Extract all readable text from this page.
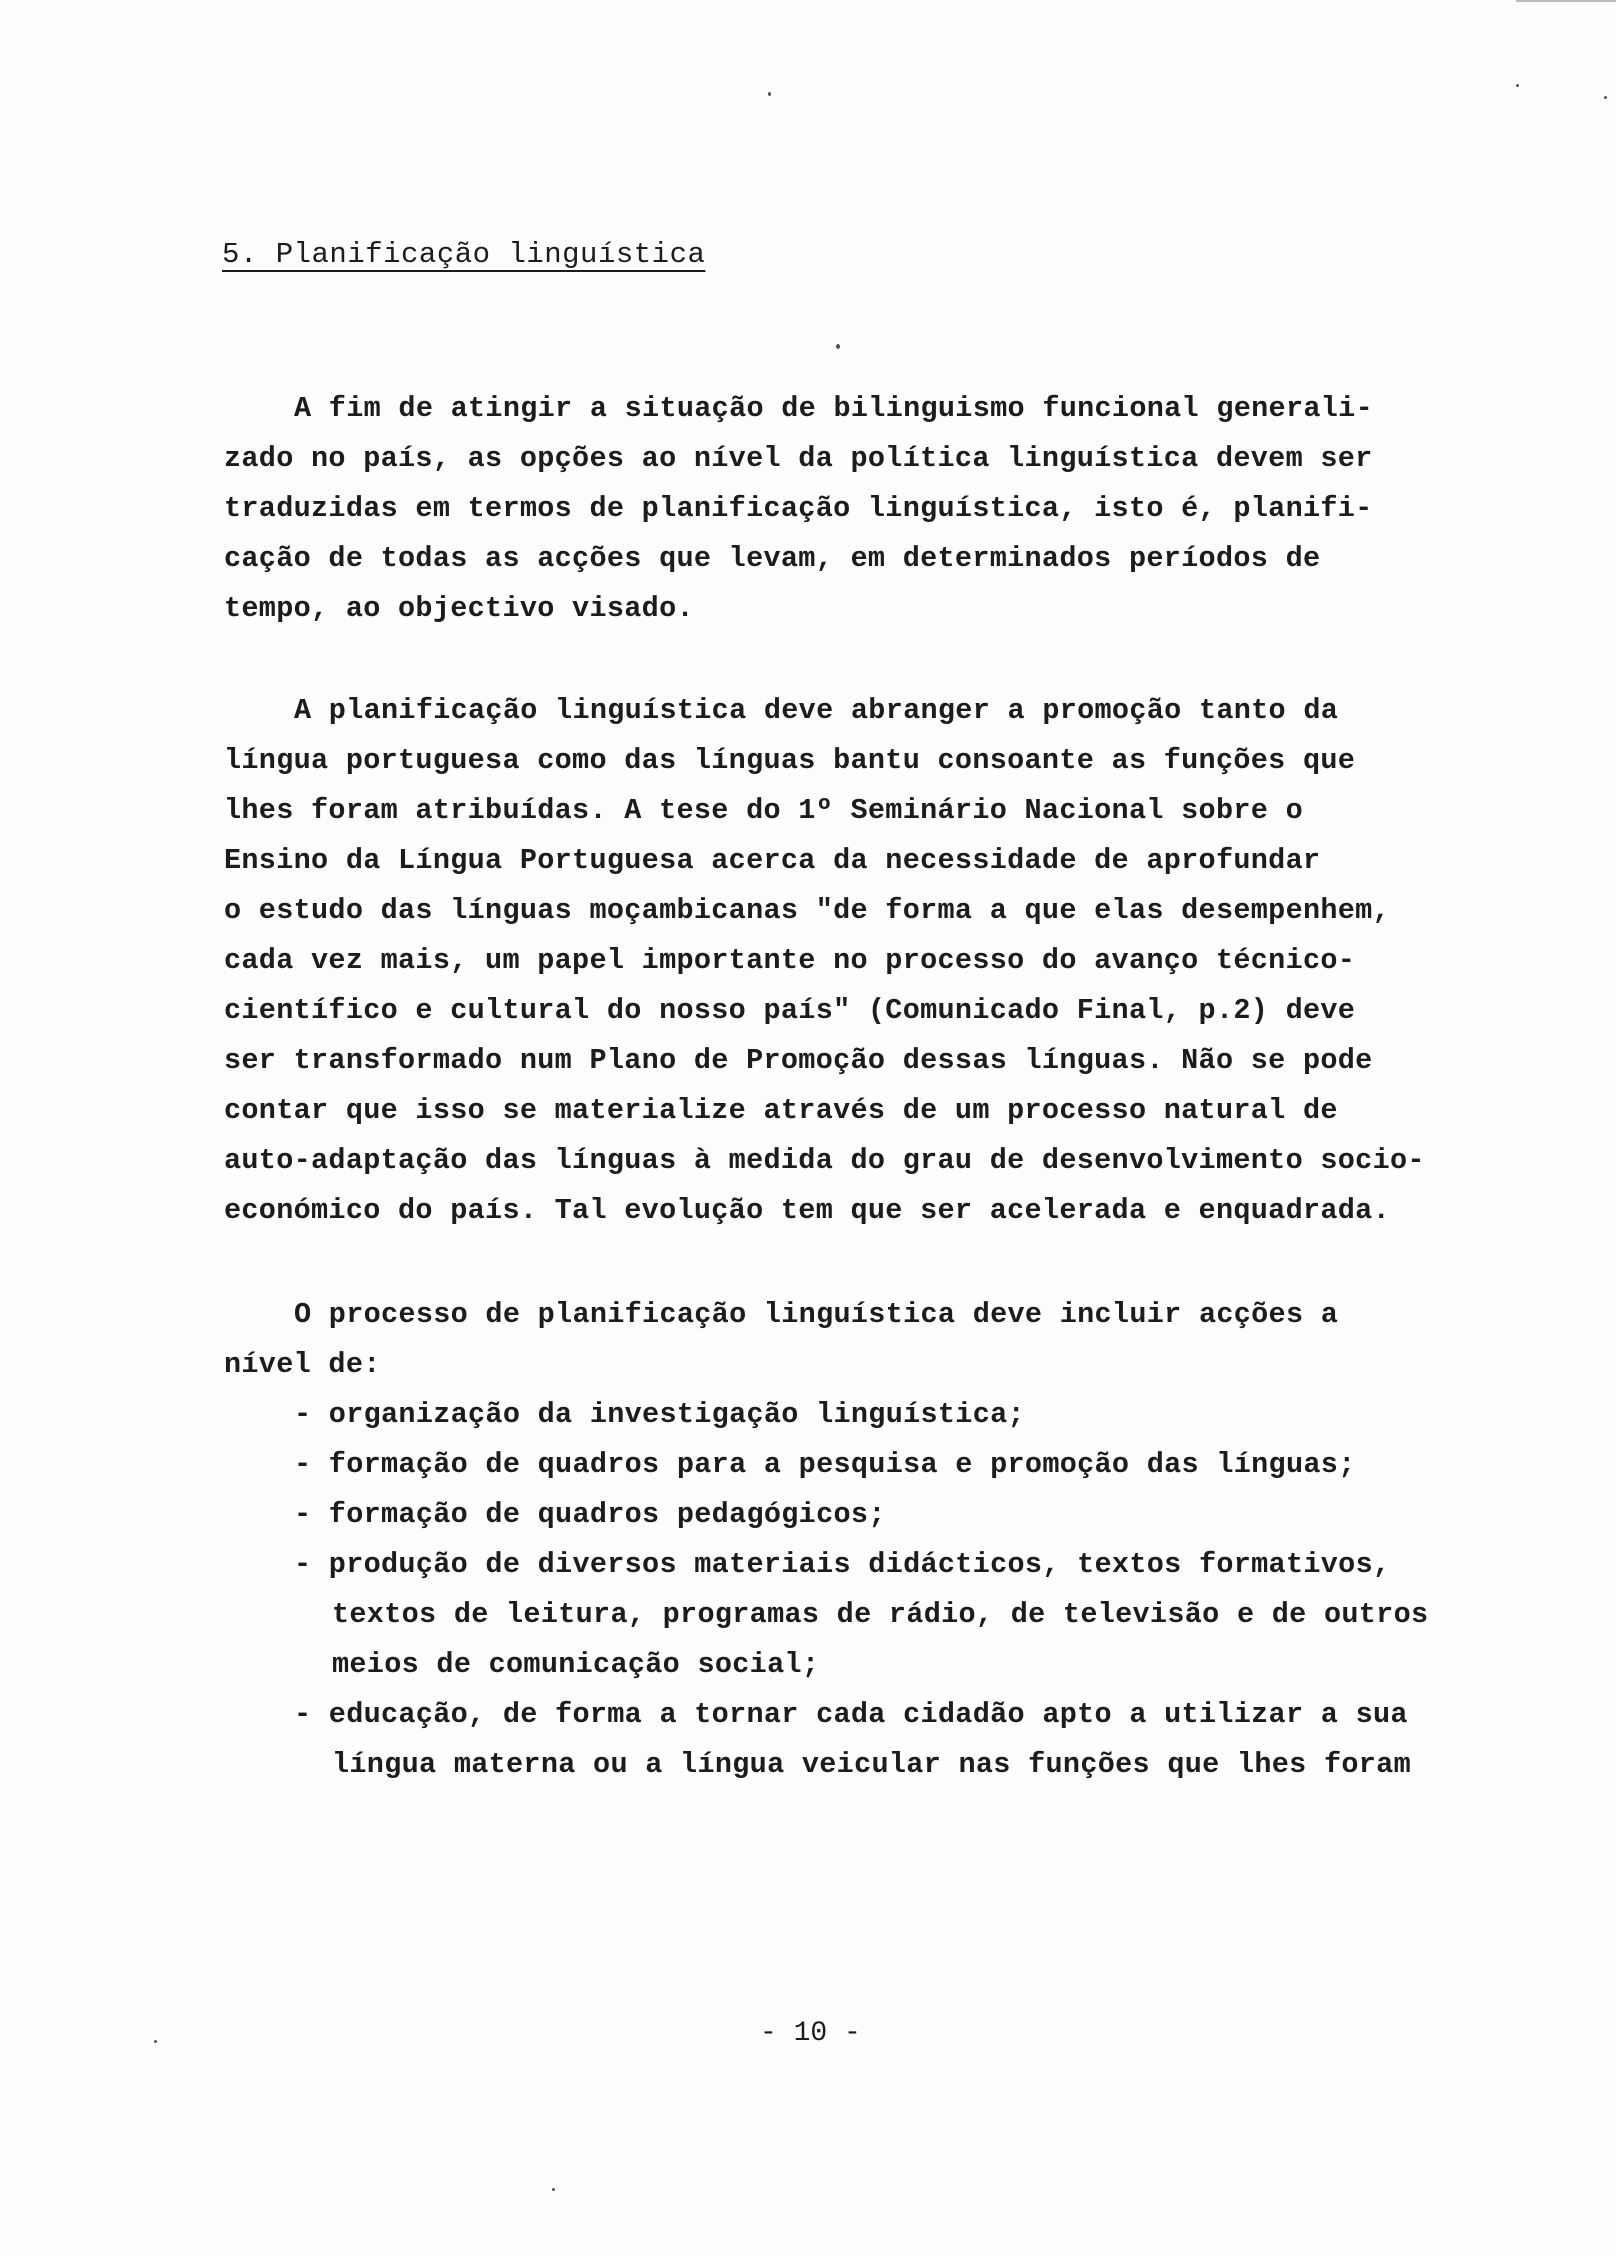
5. Planificação linguística
A fim de atingir a situação de bilinguismo funcional generali-
zado no país, as opções ao nível da política linguística devem ser
traduzidas em termos de planificação linguística, isto é, planifi-
cação de todas as acções que levam, em determinados períodos de
tempo, ao objectivo visado.
A planificação linguística deve abranger a promoção tanto da
língua portuguesa como das línguas bantu consoante as funções que
lhes foram atribuídas. A tese do 1º Seminário Nacional sobre o
Ensino da Língua Portuguesa acerca da necessidade de aprofundar
o estudo das línguas moçambicanas "de forma a que elas desempenhem,
cada vez mais, um papel importante no processo do avanço técnico-
científico e cultural do nosso país" (Comunicado Final, p.2) deve
ser transformado num Plano de Promoção dessas línguas. Não se pode
contar que isso se materialize através de um processo natural de
auto-adaptação das línguas à medida do grau de desenvolvimento socio-
económico do país. Tal evolução tem que ser acelerada e enquadrada.
O processo de planificação linguística deve incluir acções a
nível de:
- organização da investigação linguística;
- formação de quadros para a pesquisa e promoção das línguas;
- formação de quadros pedagógicos;
- produção de diversos materiais didácticos, textos formativos,
textos de leitura, programas de rádio, de televisão e de outros
meios de comunicação social;
- educação, de forma a tornar cada cidadão apto a utilizar a sua
língua materna ou a língua veicular nas funções que lhes foram
- 10 -
